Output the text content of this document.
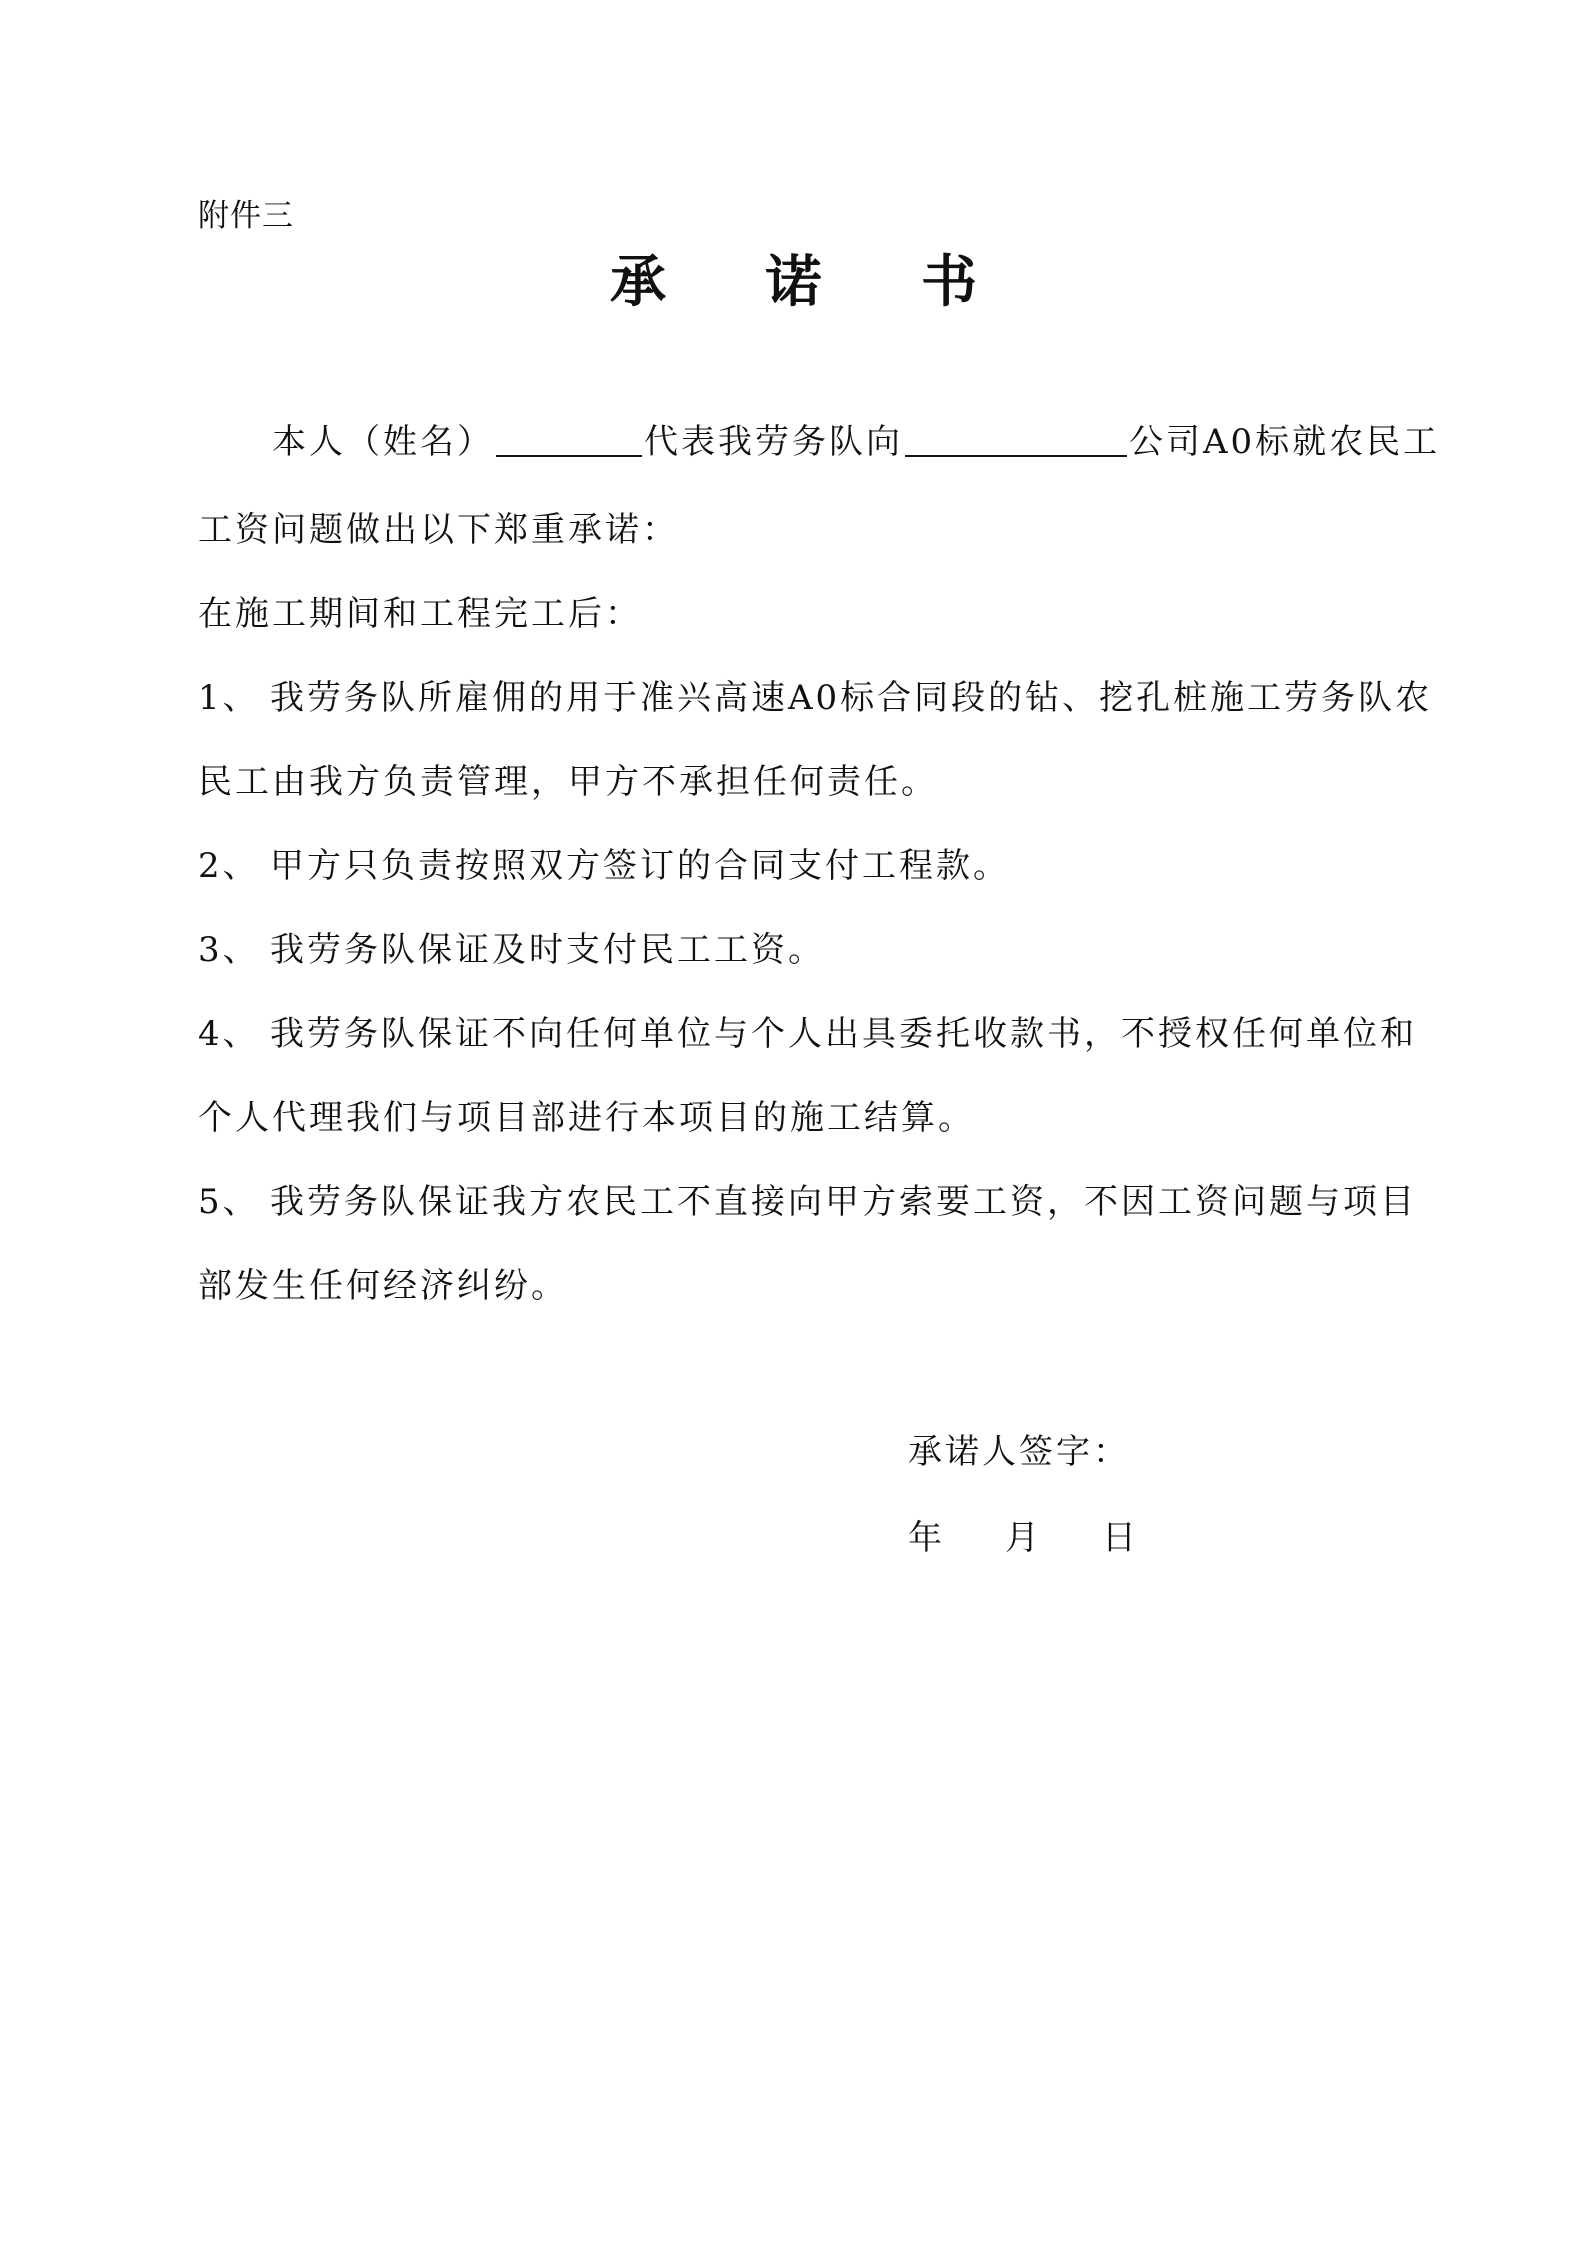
附件三
承 诺 书
本人（姓名）	代表我劳务队向	公司A0标就农民工
工资问题做出以下郑重承诺：
在施工期间和工程完工后：
1、 我劳务队所雇佣的用于准兴高速A0标合同段的钻、挖孔桩施工劳务队农
民工由我方负责管理，甲方不承担任何责任。
2、 甲方只负责按照双方签订的合同支付工程款。
3、 我劳务队保证及时支付民工工资。
4、 我劳务队保证不向任何单位与个人出具委托收款书，不授权任何单位和
个人代理我们与项目部进行本项目的施工结算。
5、 我劳务队保证我方农民工不直接向甲方索要工资，不因工资问题与项目
部发生任何经济纠纷。
承诺人签字：
年 月 日
